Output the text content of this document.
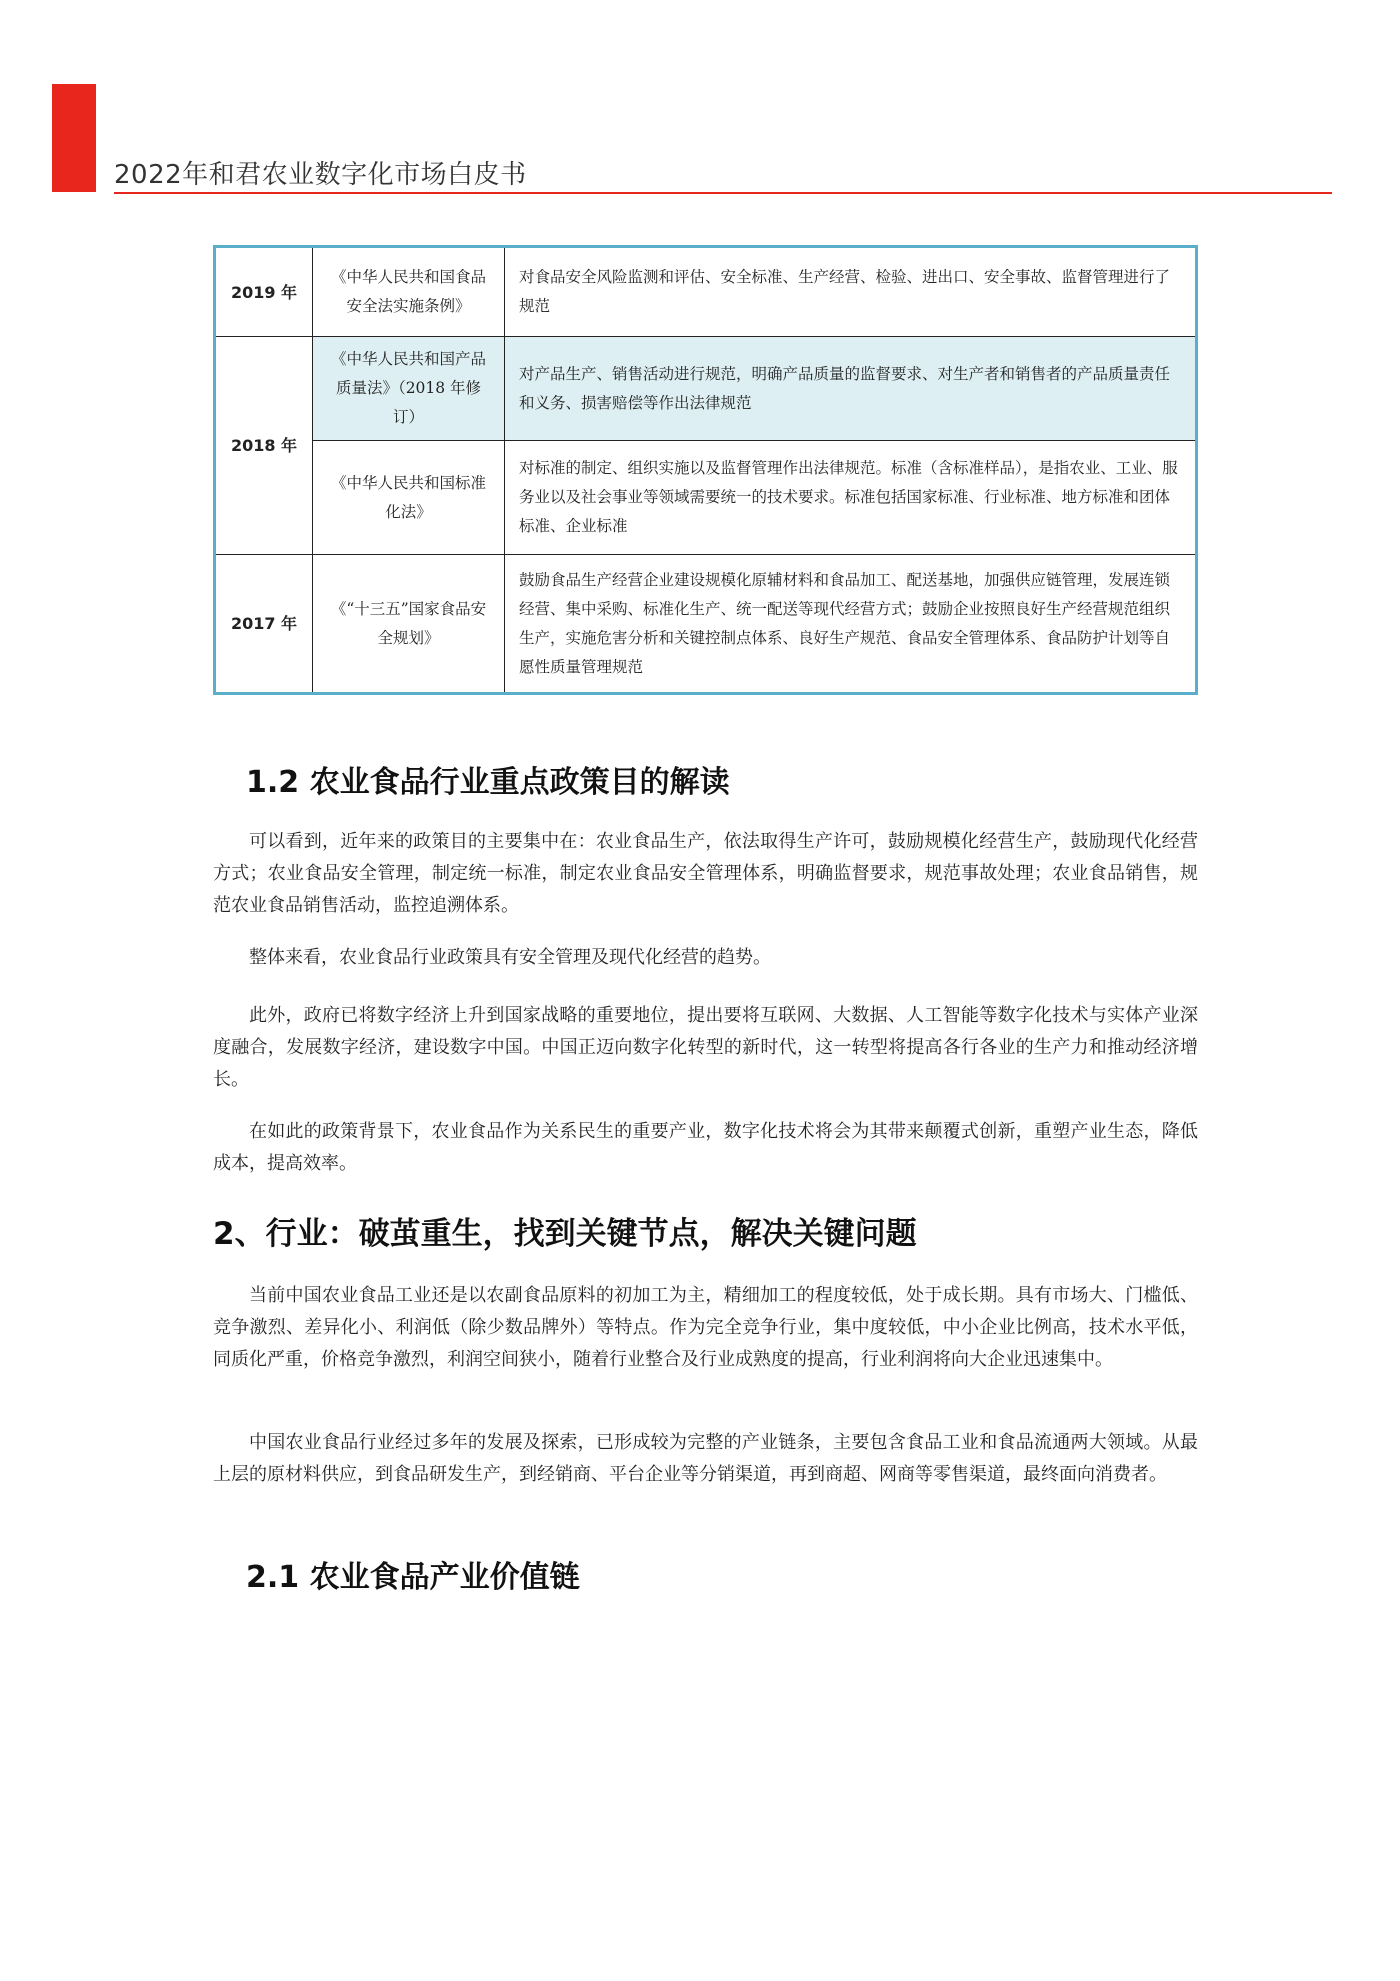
2022年和君农业数字化市场白皮书
2019 年	《中华人民共和国食品安全法实施条例》	对食品安全风险监测和评估、安全标准、生产经营、检验、进出口、安全事故、监督管理进行了规范
2018 年	《中华人民共和国产品质量法》（2018 年修订）	对产品生产、销售活动进行规范，明确产品质量的监督要求、对生产者和销售者的产品质量责任和义务、损害赔偿等作出法律规范
	《中华人民共和国标准化法》	对标准的制定、组织实施以及监督管理作出法律规范。标准（含标准样品），是指农业、工业、服务业以及社会事业等领域需要统一的技术要求。标准包括国家标准、行业标准、地方标准和团体标准、企业标准
2017 年	《“十三五”国家食品安全规划》	鼓励食品生产经营企业建设规模化原辅材料和食品加工、配送基地，加强供应链管理，发展连锁经营、集中采购、标准化生产、统一配送等现代经营方式；鼓励企业按照良好生产经营规范组织生产，实施危害分析和关键控制点体系、良好生产规范、食品安全管理体系、食品防护计划等自愿性质量管理规范
1.2 农业食品行业重点政策目的解读

可以看到，近年来的政策目的主要集中在：农业食品生产，依法取得生产许可，鼓励规模化经营生产，鼓励现代化经营方式；农业食品安全管理，制定统一标准，制定农业食品安全管理体系，明确监督要求，规范事故处理；农业食品销售，规范农业食品销售活动，监控追溯体系。

整体来看，农业食品行业政策具有安全管理及现代化经营的趋势。

此外，政府已将数字经济上升到国家战略的重要地位，提出要将互联网、大数据、人工智能等数字化技术与实体产业深度融合，发展数字经济，建设数字中国。中国正迈向数字化转型的新时代，这一转型将提高各行各业的生产力和推动经济增长。

在如此的政策背景下，农业食品作为关系民生的重要产业，数字化技术将会为其带来颠覆式创新，重塑产业生态，降低成本，提高效率。

2、行业：破茧重生，找到关键节点，解决关键问题

当前中国农业食品工业还是以农副食品原料的初加工为主，精细加工的程度较低，处于成长期。具有市场大、门槛低、竞争激烈、差异化小、利润低（除少数品牌外）等特点。作为完全竞争行业，集中度较低，中小企业比例高，技术水平低，同质化严重，价格竞争激烈，利润空间狭小，随着行业整合及行业成熟度的提高，行业利润将向大企业迅速集中。

中国农业食品行业经过多年的发展及探索，已形成较为完整的产业链条，主要包含食品工业和食品流通两大领域。从最上层的原材料供应，到食品研发生产，到经销商、平台企业等分销渠道，再到商超、网商等零售渠道，最终面向消费者。

2.1 农业食品产业价值链
